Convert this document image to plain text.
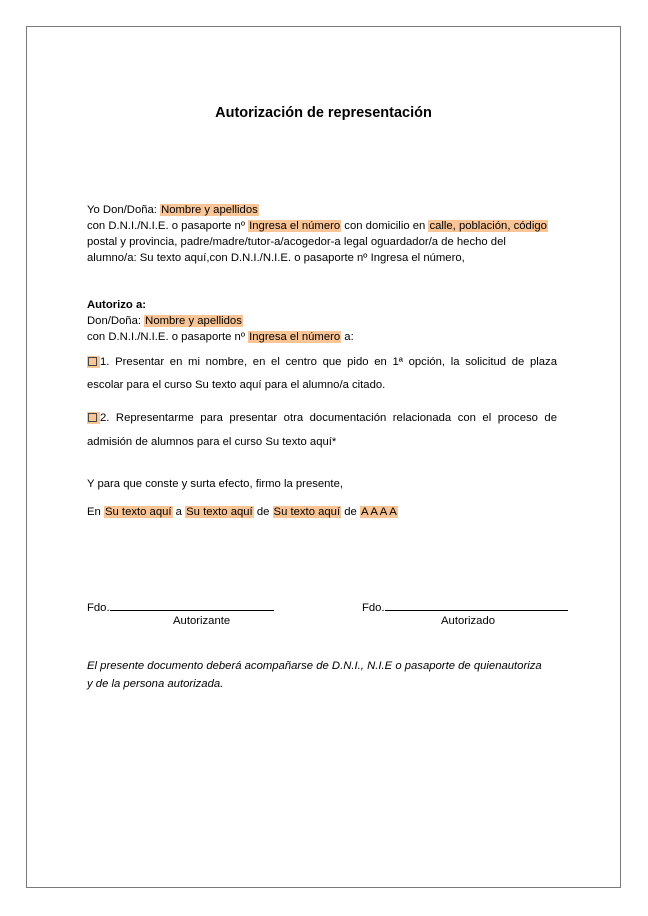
Autorización de representación
Yo Don/Doña: Nombre y apellidos
con D.N.I./N.I.E. o pasaporte nº Ingresa el número con domicilio en calle, población, código
postal y provincia, padre/madre/tutor-a/acogedor-a legal oguardador/a de hecho del
alumno/a: Su texto aquí,con D.N.I./N.I.E. o pasaporte nº Ingresa el número,
Autorizo a:
Don/Doña: Nombre y apellidos
con D.N.I./N.I.E. o pasaporte nº Ingresa el número a:
1. Presentar en mi nombre, en el centro que pido en 1ª opción, la solicitud de plaza
escolar para el curso Su texto aquí para el alumno/a citado.
2. Representarme para presentar otra documentación relacionada con el proceso de
admisión de alumnos para el curso Su texto aquí*
Y para que conste y surta efecto, firmo la presente,
En Su texto aquí a Su texto aquí de Su texto aquí de A A A A
Fdo.
Autorizante
Fdo.
Autorizado
El presente documento deberá acompañarse de D.N.I., N.I.E o pasaporte de quienautoriza
y de la persona autorizada.
